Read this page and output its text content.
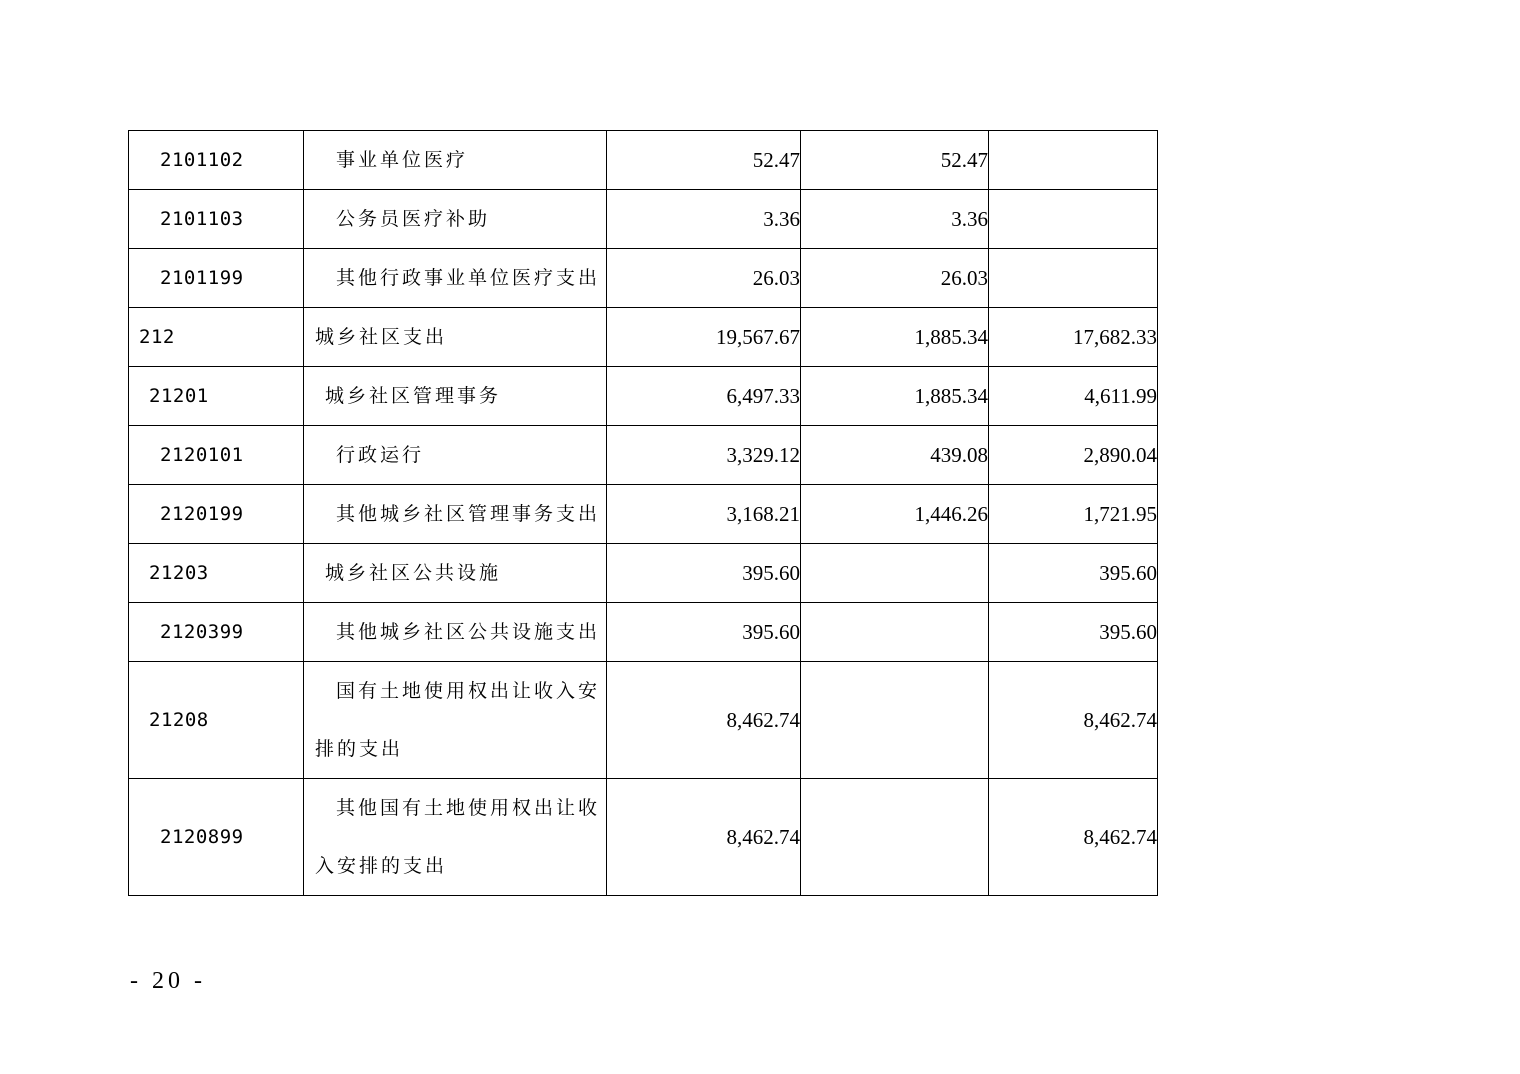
2101102	事业单位医疗	52.47	52.47	
2101103	公务员医疗补助	3.36	3.36	
2101199	其他行政事业单位医疗支出	26.03	26.03	
212	城乡社区支出	19,567.67	1,885.34	17,682.33
21201	城乡社区管理事务	6,497.33	1,885.34	4,611.99
2120101	行政运行	3,329.12	439.08	2,890.04
2120199	其他城乡社区管理事务支出	3,168.21	1,446.26	1,721.95
21203	城乡社区公共设施	395.60		395.60
2120399	其他城乡社区公共设施支出	395.60		395.60
21208	国有土地使用权出让收入安排的支出	8,462.74		8,462.74
2120899	其他国有土地使用权出让收入安排的支出	8,462.74		8,462.74
- 20 -
